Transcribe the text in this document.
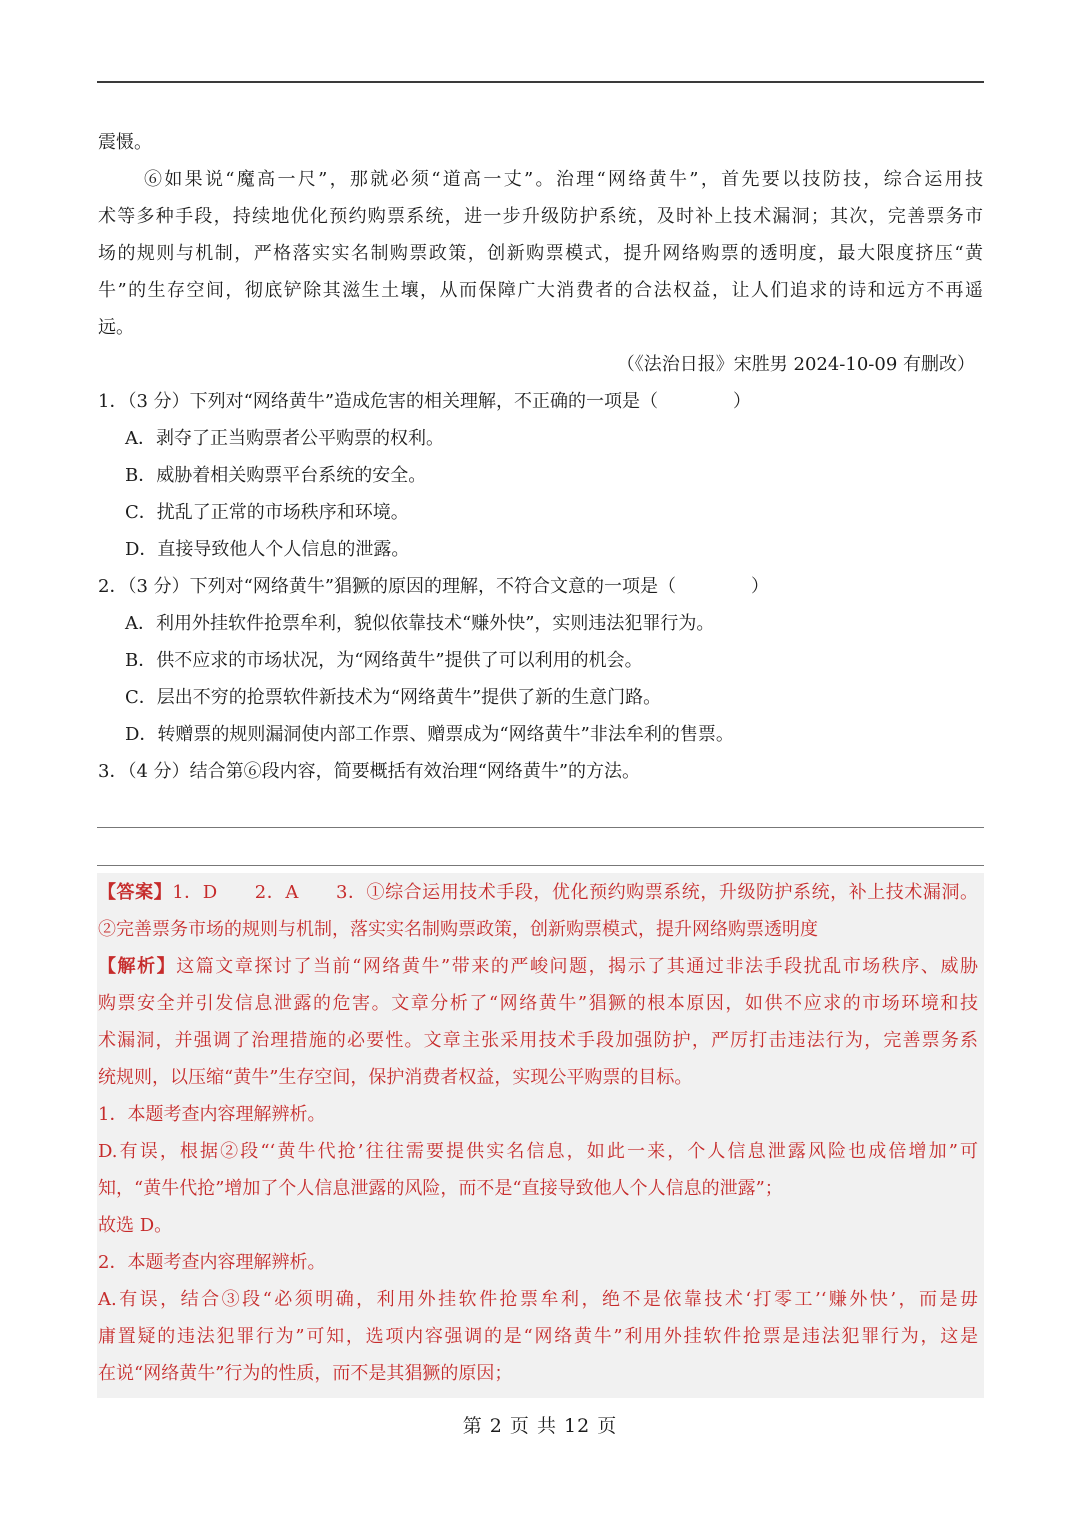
震慑。
⑥如果说“魔高一尺”，那就必须“道高一丈”。治理“网络黄牛”，首先要以技防技，综合运用技
术等多种手段，持续地优化预约购票系统，进一步升级防护系统，及时补上技术漏洞；其次，完善票务市
场的规则与机制，严格落实实名制购票政策，创新购票模式，提升网络购票的透明度，最大限度挤压“黄
牛”的生存空间，彻底铲除其滋生土壤，从而保障广大消费者的合法权益，让人们追求的诗和远方不再遥
远。
（《法治日报》宋胜男 2024-10-09 有删改）
1．（3 分）下列对“网络黄牛”造成危害的相关理解，不正确的一项是（	）
A．剥夺了正当购票者公平购票的权利。
B．威胁着相关购票平台系统的安全。
C．扰乱了正常的市场秩序和环境。
D．直接导致他人个人信息的泄露。
2．（3 分）下列对“网络黄牛”猖獗的原因的理解，不符合文意的一项是（	）
A．利用外挂软件抢票牟利，貌似依靠技术“赚外快”，实则违法犯罪行为。
B．供不应求的市场状况，为“网络黄牛”提供了可以利用的机会。
C．层出不穷的抢票软件新技术为“网络黄牛”提供了新的生意门路。
D．转赠票的规则漏洞使内部工作票、赠票成为“网络黄牛”非法牟利的售票。
3．（4 分）结合第⑥段内容，简要概括有效治理“网络黄牛”的方法。
【答案】1．D　　2．A　　3．①综合运用技术手段，优化预约购票系统，升级防护系统，补上技术漏洞。
②完善票务市场的规则与机制，落实实名制购票政策，创新购票模式，提升网络购票透明度
【解析】这篇文章探讨了当前“网络黄牛”带来的严峻问题，揭示了其通过非法手段扰乱市场秩序、威胁
购票安全并引发信息泄露的危害。文章分析了“网络黄牛”猖獗的根本原因，如供不应求的市场环境和技
术漏洞，并强调了治理措施的必要性。文章主张采用技术手段加强防护，严厉打击违法行为，完善票务系
统规则，以压缩“黄牛”生存空间，保护消费者权益，实现公平购票的目标。
1．本题考查内容理解辨析。
D.有误，根据②段“‘黄牛代抢’往往需要提供实名信息，如此一来，个人信息泄露风险也成倍增加”可
知，“黄牛代抢”增加了个人信息泄露的风险，而不是“直接导致他人个人信息的泄露”；
故选 D。
2．本题考查内容理解辨析。
A.有误，结合③段“必须明确，利用外挂软件抢票牟利，绝不是依靠技术‘打零工’‘赚外快’，而是毋
庸置疑的违法犯罪行为”可知，选项内容强调的是“网络黄牛”利用外挂软件抢票是违法犯罪行为，这是
在说“网络黄牛”行为的性质，而不是其猖獗的原因；
第 2 页 共 12 页
